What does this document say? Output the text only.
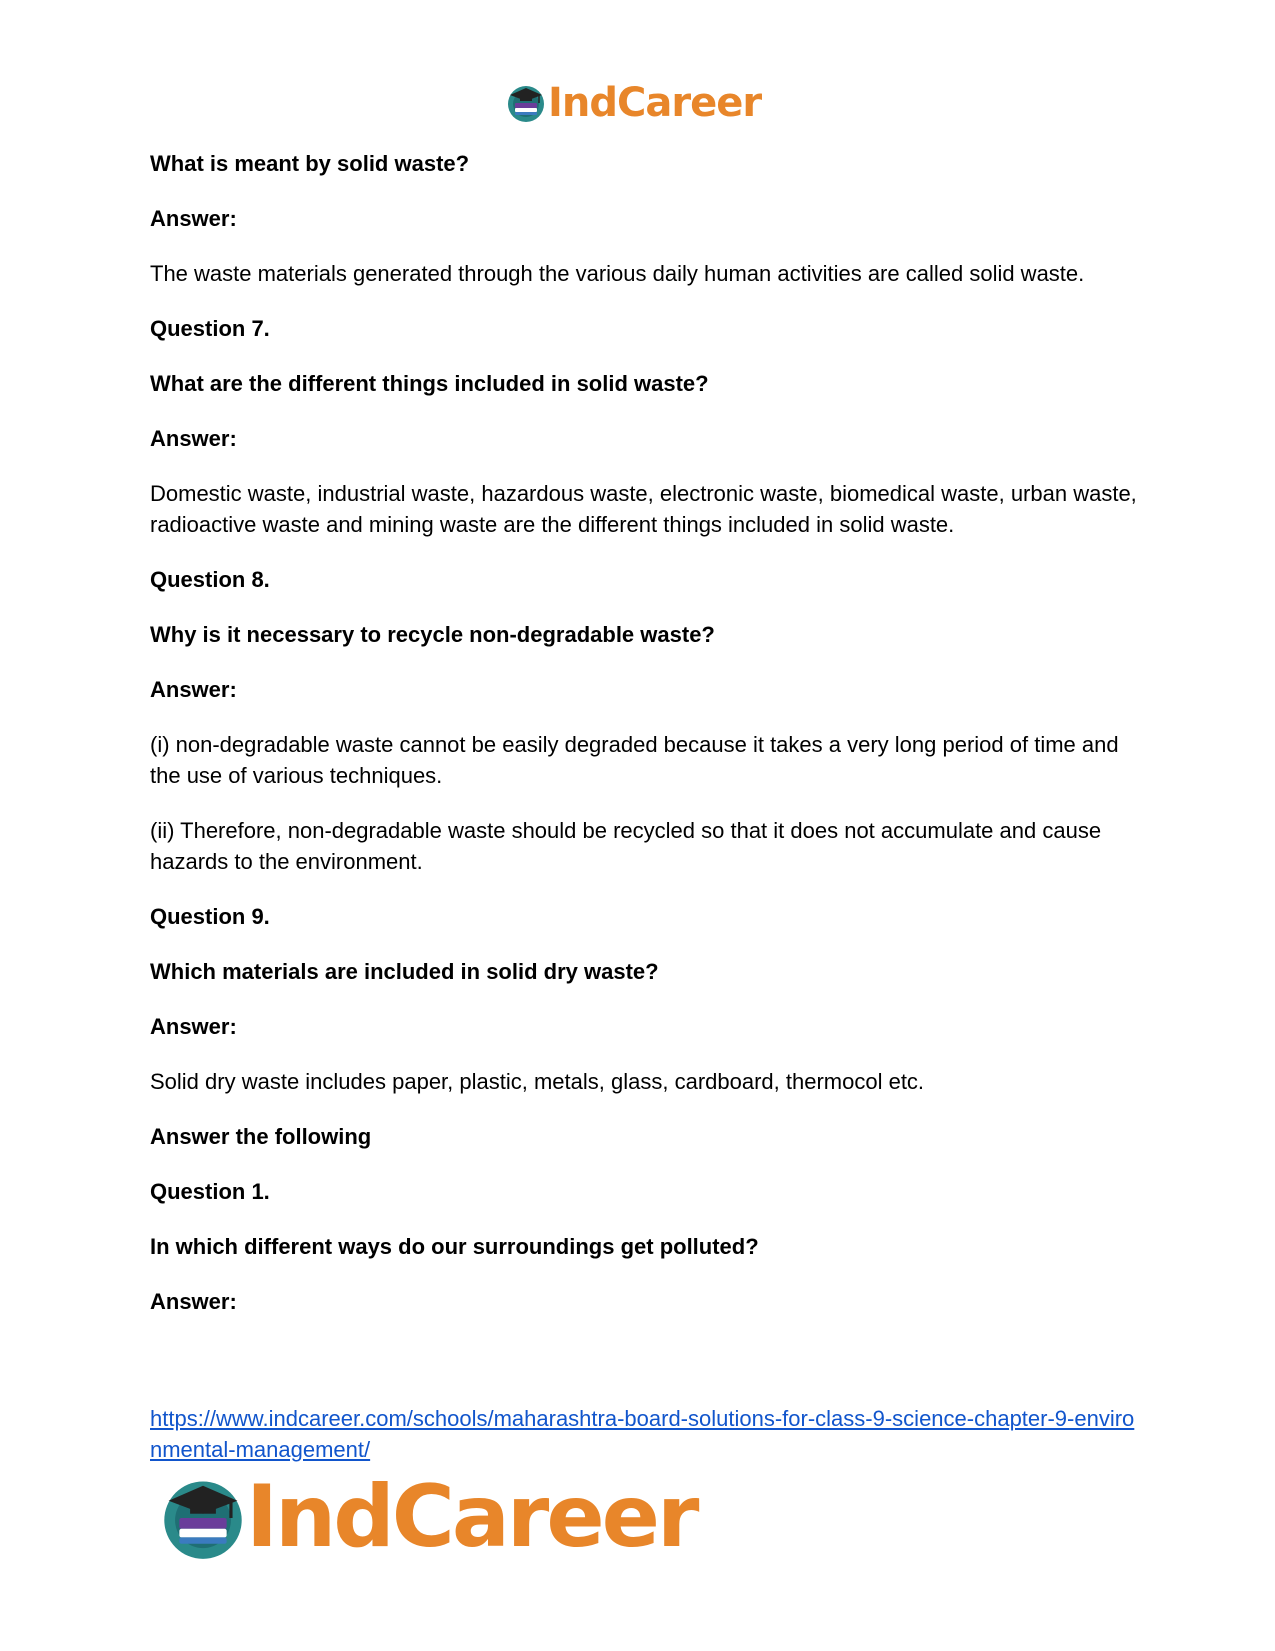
IndCareer

What is meant by solid waste?

Answer:

The waste materials generated through the various daily human activities are called solid waste.

Question 7.

What are the different things included in solid waste?

Answer:

Domestic waste, industrial waste, hazardous waste, electronic waste, biomedical waste, urban waste, radioactive waste and mining waste are the different things included in solid waste.

Question 8.

Why is it necessary to recycle non-degradable waste?

Answer:

(i) non-degradable waste cannot be easily degraded because it takes a very long period of time and the use of various techniques.

(ii) Therefore, non-degradable waste should be recycled so that it does not accumulate and cause hazards to the environment.

Question 9.

Which materials are included in solid dry waste?

Answer:

Solid dry waste includes paper, plastic, metals, glass, cardboard, thermocol etc.

Answer the following

Question 1.

In which different ways do our surroundings get polluted?

Answer:

https://www.indcareer.com/schools/maharashtra-board-solutions-for-class-9-science-chapter-9-environmental-management/
IndCareer
